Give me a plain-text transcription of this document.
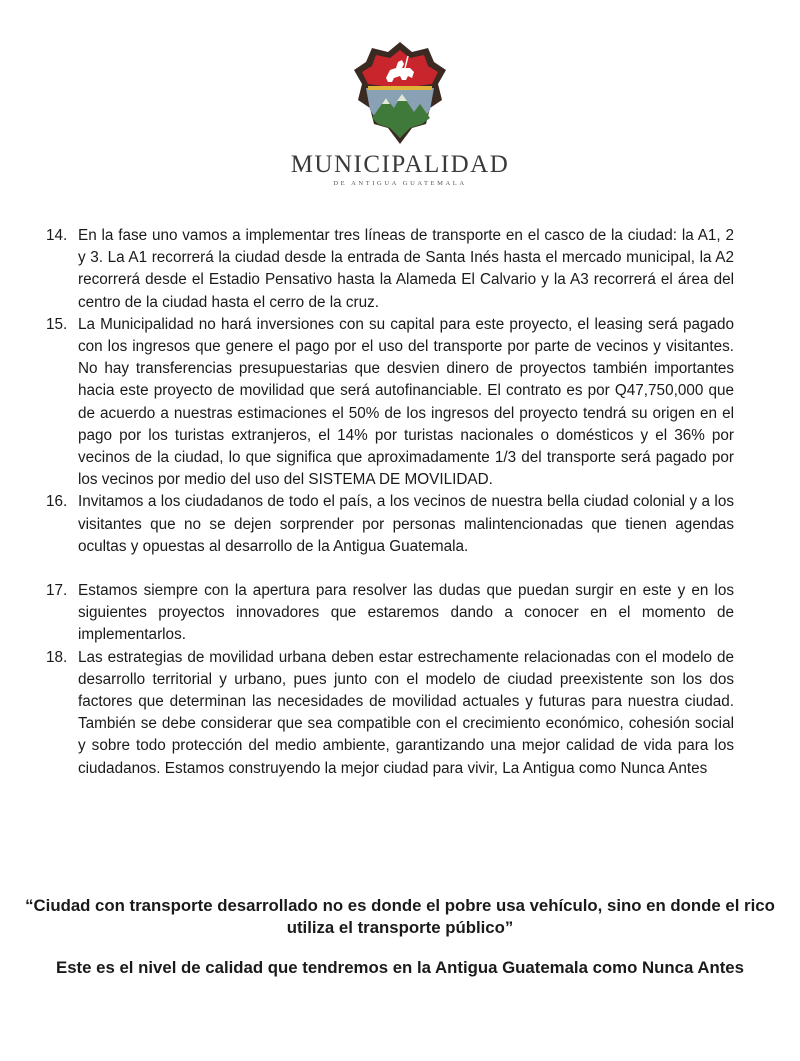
MUNICIPALIDAD
DE ANTIGUA GUATEMALA
14. En la fase uno vamos a implementar tres líneas de transporte en el casco de la ciudad: la A1, 2 y 3. La A1 recorrerá la ciudad desde la entrada de Santa Inés hasta el mercado municipal, la A2 recorrerá desde el Estadio Pensativo hasta la Alameda El Calvario y la A3 recorrerá el área del centro de la ciudad hasta el cerro de la cruz.
15. La Municipalidad no hará inversiones con su capital para este proyecto, el leasing será pagado con los ingresos que genere el pago por el uso del transporte por parte de vecinos y visitantes. No hay transferencias presupuestarias que desvien dinero de proyectos también importantes hacia este proyecto de movilidad que será autofinanciable. El contrato es por Q47,750,000 que de acuerdo a nuestras estimaciones el 50% de los ingresos del proyecto tendrá su origen en el pago por los turistas extranjeros, el 14% por turistas nacionales o domésticos y el 36% por vecinos de la ciudad, lo que significa que aproximadamente 1/3 del transporte será pagado por los vecinos por medio del uso del SISTEMA DE MOVILIDAD.
16. Invitamos a los ciudadanos de todo el país, a los vecinos de nuestra bella ciudad colonial y a los visitantes que no se dejen sorprender por personas malintencionadas que tienen agendas ocultas y opuestas al desarrollo de la Antigua Guatemala.
17. Estamos siempre con la apertura para resolver las dudas que puedan surgir en este y en los siguientes proyectos innovadores que estaremos dando a conocer en el momento de implementarlos.
18. Las estrategias de movilidad urbana deben estar estrechamente relacionadas con el modelo de desarrollo territorial y urbano, pues junto con el modelo de ciudad preexistente son los dos factores que determinan las necesidades de movilidad actuales y futuras para nuestra ciudad. También se debe considerar que sea compatible con el crecimiento económico, cohesión social y sobre todo protección del medio ambiente, garantizando una mejor calidad de vida para los ciudadanos. Estamos construyendo la mejor ciudad para vivir, La Antigua como Nunca Antes
“Ciudad con transporte desarrollado no es donde el pobre usa vehículo, sino en donde el rico utiliza el transporte público”
Este es el nivel de calidad que tendremos en la Antigua Guatemala como Nunca Antes
